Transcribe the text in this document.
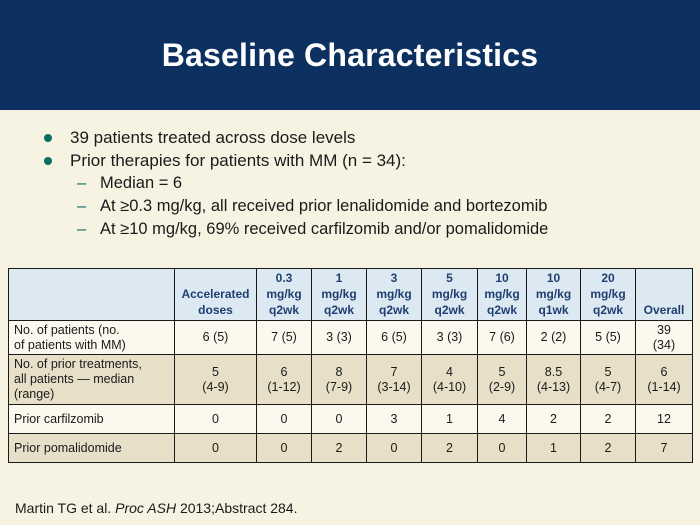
Baseline Characteristics
39 patients treated across dose levels
Prior therapies for patients with MM (n = 34):
– Median = 6
– At ≥0.3 mg/kg, all received prior lenalidomide and bortezomib
– At ≥10 mg/kg, 69% received carfilzomib and/or pomalidomide
	Accelerated
doses	0.3
mg/kg
q2wk	1
mg/kg
q2wk	3
mg/kg
q2wk	5
mg/kg
q2wk	10
mg/kg
q2wk	10
mg/kg
q1wk	20
mg/kg
q2wk	Overall
No. of patients (no.
of patients with MM)	6 (5)	7 (5)	3 (3)	6 (5)	3 (3)	7 (6)	2 (2)	5 (5)	39
(34)
No. of prior treatments,
all patients — median
(range)	5
(4-9)	6
(1-12)	8
(7-9)	7
(3-14)	4
(4-10)	5
(2-9)	8.5
(4-13)	5
(4-7)	6
(1-14)
Prior carfilzomib	0	0	0	3	1	4	2	2	12
Prior pomalidomide	0	0	2	0	2	0	1	2	7
Martin TG et al. Proc ASH 2013;Abstract 284.
